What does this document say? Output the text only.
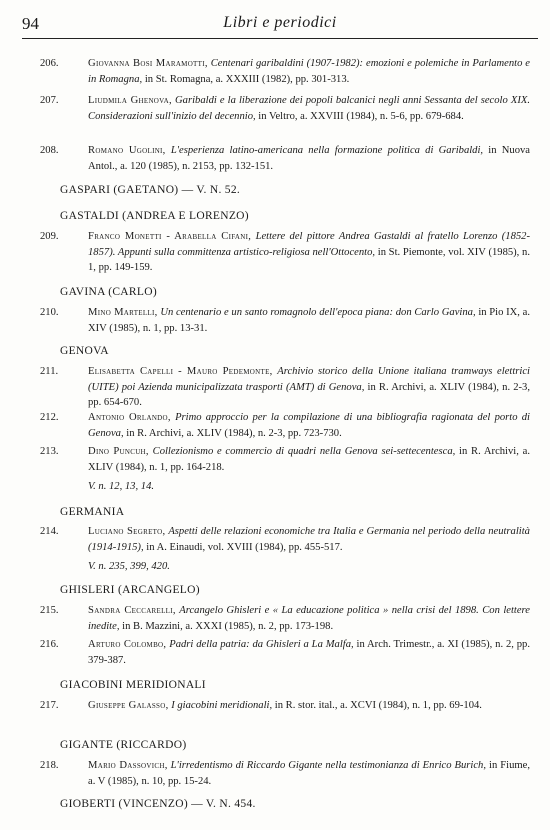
94	Libri e periodici
206.	Giovanna Bosi Maramotti, Centenari garibaldini (1907-1982): emozioni e polemiche in Parlamento e in Romagna, in St. Romagna, a. XXXIII (1982), pp. 301-313.
207.	Liudmila Ghenova, Garibaldi e la liberazione dei popoli balcanici negli anni Sessanta del secolo XIX. Considerazioni sull'inizio del decennio, in Veltro, a. XXVIII (1984), n. 5-6, pp. 679-684.
208.	Romano Ugolini, L'esperienza latino-americana nella formazione politica di Garibaldi, in Nuova Antol., a. 120 (1985), n. 2153, pp. 132-151.
GASPARI (GAETANO) — V. N. 52.
GASTALDI (ANDREA E LORENZO)
209.	Franco Monetti - Arabella Cifani, Lettere del pittore Andrea Gastaldi al fratello Lorenzo (1852-1857). Appunti sulla committenza artistico-religiosa nell'Ottocento, in St. Piemonte, vol. XIV (1985), n. 1, pp. 149-159.
GAVINA (CARLO)
210.	Mino Martelli, Un centenario e un santo romagnolo dell'epoca piana: don Carlo Gavina, in Pio IX, a. XIV (1985), n. 1, pp. 13-31.
GENOVA
211.	Elisabetta Capelli - Mauro Pedemonte, Archivio storico della Unione italiana tramways elettrici (UITE) poi Azienda municipalizzata trasporti (AMT) di Genova, in R. Archivi, a. XLIV (1984), n. 2-3, pp. 654-670.
212.	Antonio Orlando, Primo approccio per la compilazione di una bibliografia ragionata del porto di Genova, in R. Archivi, a. XLIV (1984), n. 2-3, pp. 723-730.
213.	Dino Puncuh, Collezionismo e commercio di quadri nella Genova sei-settecentesca, in R. Archivi, a. XLIV (1984), n. 1, pp. 164-218.
V. n. 12, 13, 14.
GERMANIA
214.	Luciano Segreto, Aspetti delle relazioni economiche tra Italia e Germania nel periodo della neutralità (1914-1915), in A. Einaudi, vol. XVIII (1984), pp. 455-517.
V. n. 235, 399, 420.
GHISLERI (ARCANGELO)
215.	Sandra Ceccarelli, Arcangelo Ghisleri e « La educazione politica » nella crisi del 1898. Con lettere inedite, in B. Mazzini, a. XXXI (1985), n. 2, pp. 173-198.
216.	Arturo Colombo, Padri della patria: da Ghisleri a La Malfa, in Arch. Trimestr., a. XI (1985), n. 2, pp. 379-387.
GIACOBINI MERIDIONALI
217.	Giuseppe Galasso, I giacobini meridionali, in R. stor. ital., a. XCVI (1984), n. 1, pp. 69-104.
GIGANTE (RICCARDO)
218.	Mario Dassovich, L'irredentismo di Riccardo Gigante nella testimonianza di Enrico Burich, in Fiume, a. V (1985), n. 10, pp. 15-24.
GIOBERTI (VINCENZO) — V. N. 454.
